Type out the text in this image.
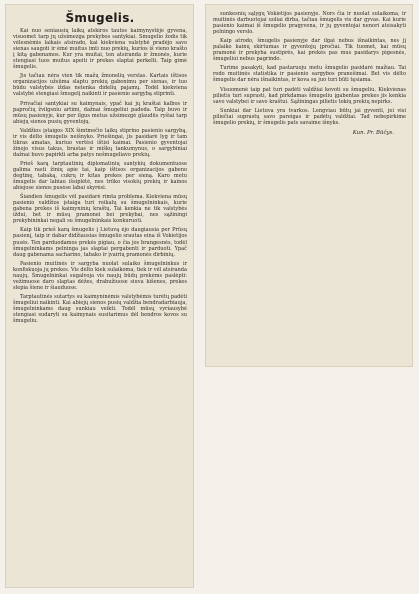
Šmugelis.

Kai nuo seniausių laikų atskiros tautos kaimynystėje gyvena, visuomet tarp jų užsimezga prekybos santykiai. Smugelio žodis tik vėlesnėmis laikais atsirado, kai kiekviena valstybė pradėjo savo sienas saugoti ir ėmė muitus imti nuo prekių, kurios iš vieno krašto į kitą gabenamos. Kur yra muitai, ten atsiranda ir žmonės, kurie stengiasi tuos muitus apeiti ir prekes slaptai perkelti. Taip gimė šmugelis.

Jis tačiau nėra vien tik mažų žmonelių verslas. Kartais ištisos organizacijos užsiima slaptu prekių gabenimu per sienas, ir tuo būdu valstybės iždas netenka didelių pajamų. Todėl kiekviena valstybė stengiasi šmugelį naikinti ir pasienio sargybą stiprinti.

Privačiai santykiai su kaimynais, ypač kai jų kraštai kalbos ir papročių žvilgsniu artimi, dažnai šmugeliui padeda. Taip buvo ir mūsų pasienyje, kur per ilgus metus užsimezgė glaudūs ryšiai tarp abiejų sienos pusių gyventojų.

Valdžios įstaigos XIX šimtmečio laikų stiprino pasienio sargybą, ir vis dėlto šmugelis neišnyko. Priešingai, jis pasidarė lyg ir tam tikras amatas, kuriuo vertėsi ištisi kaimai. Pasienio gyventojai žinojo visus takus, brastas ir miškų tankumynus, o sargybiniai dažnai buvo papirkti arba patys nešmugeliavo prekių.

Prieš karą tarptautinių diplomatinių santykių dokumentuose galima rasti žinių apie tai, kaip ištisos organizacijos gabeno degtinę, tabaką, cukrų ir kitas prekes per sieną. Karo metu šmugelis dar labiau išsiplėtė, nes trūko visokių prekių ir kainos abiejose sienos pusėse labai skyrėsi.

Šiandien šmugelis vėl pasidarė rimta problema. Kiekviena mūsų pasienio valdžios įstaiga turi reikalų su šmugelninkais, kurie gabena prekes iš kaimyninių kraštų. Tai kenkia ne tik valstybės iždui, bet ir mūsų pramonei bei prekybai, nes sąžiningi prekybininkai negali su šmugelninkais konkuruoti.

Kaip tik prieš karą šmugelis į Lietuvą ėjo daugiausia per Prūsų pasienį, taip ir dabar didžiausias šmugelio srautas eina iš Vokietijos pusės. Ten parduodamos prekės pigiau, o čia jos brangesnės, todėl šmugelninkams pelninga jas slaptai pergabenti ir parduoti. Ypač daug gabenama sacharino, tabako ir įvairių pramonės dirbinių.

Pasienio muitinės ir sargyba nuolat sulaiko šmugelninkus ir konfiskuoja jų prekes. Vis dėlto kiek sulaikoma, tiek ir vėl atsiranda naujų. Šmugelninkai sugalvoja vis naujų būdų prekėms paslėpti: vežimuose daro slaptas dėžes, drabužiuose siuva kišenes, prekes slepia šiene ir šiauduose.

Tarptautinės sutartys su kaimyninėmis valstybėmis turėtų padėti šmugeliui naikinti. Kai abiejų sienos pusių valdžia bendradarbiauja, šmugelninkams daug sunkiau veikti. Todėl mūsų vyriausybė stengiasi sudaryti su kaimynais susitarimus dėl bendros kovos su šmugeliu.

sunkesnių sąlygų Vokietijos pasienyje. Nors čia ir nuolat sulaikoma, ir muitinės darbuotojai uoliai dirba, tačiau šmugelis vis dar gyvas. Kai kurie pasienio kaimai iš šmugelio pragyvena, ir jų gyventojai nenori atsisakyti pelningo verslo.

Kaip atrodo, šmugelis pasienyje dar ilgai nebus išnaikintas, nes jį palaiko kainų skirtumas ir gyventojų įpročiai. Tik tuomet, kai mūsų pramonė ir prekyba sustiprės, kai prekės pas mus pasidarys pigesnės, šmugeliui nebus pagrindo.

Turime pasakyti, kad pastaruoju metu šmugelio pasidarė mažiau. Tai rodo muitinės statistika ir pasienio sargybos pranešimai. Bet vis dėlto šmugelis dar nėra išnaikintas, ir kova su juo turi būti tęsiama.

Visuomenė taip pat turi padėti valdžiai kovoti su šmugeliu. Kiekvienas pilietis turi suprasti, kad pirkdamas šmugeliu įgabentas prekes jis kenkia savo valstybei ir savo kraštui. Sąžiningas pilietis tokių prekių nepirks.

Sunkiai dar Lietuva yra tvarkos. Lengviau būtų jai gyventi, jei visi piliečiai suprastų savo pareigas ir padėtų valdžiai. Tad nebepirkime šmugelio prekių, ir šmugelis pats savaime išnyks.

Kun. Pr. Būčys.
